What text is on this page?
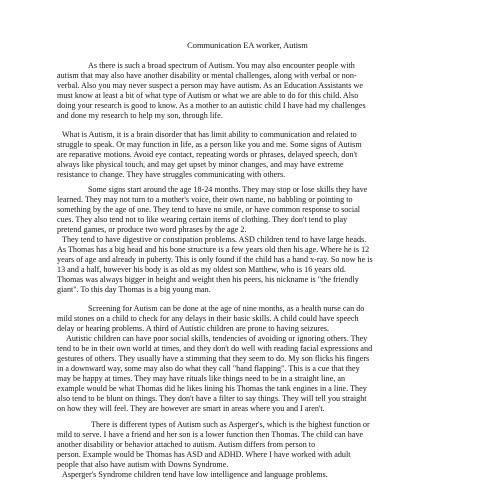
Communication EA worker, Autism
As there is such a broad spectrum of Autism. You may also encounter people with
autism that may also have another disability or mental challenges, along with verbal or non-
verbal. Also you may never suspect a person may have autism. As an Education Assistants we
must know at least a bit of what type of Autism or what we are able to do for this child. Also
doing your research is good to know. As a mother to an autistic child I have had my challenges
and done my research to help my son, through life.
What is Autism, it is a brain disorder that has limit ability to communication and related to
struggle to speak. Or may function in life, as a person like you and me. Some signs of Autism
are reparative motions. Avoid eye contact, repeating words or phrases, delayed speech, don't
always like physical touch, and may get upset by minor changes, and may have extreme
resistance to change. They have struggles communicating with others.
Some signs start around the age 18-24 months. They may stop or lose skills they have
learned. They may not turn to a mother's voice, their own name, no babbling or pointing to
something by the age of one. They tend to have no smile, or have common response to social
cues. They also tend not to like wearing certain items of clothing. They don't tend to play
pretend games, or produce two word phrases by the age 2.
They tend to have digestive or constipation problems. ASD children tend to have large heads.
As Thomas has a big head and his bone structure is a few years old then his age. Where he is 12
years of age and already in puberty. This is only found if the child has a hand x-ray. So now he is
13 and a half, however his body is as old as my oldest son Matthew, who is 16 years old.
Thomas was always bigger in height and weight then his peers, his nickname is "the friendly
giant". To this day Thomas is a big young man.
Screening for Autism can be done at the age of nine months, as a health nurse can do
mild stones on a child to check for any delays in their basic skills. A child could have speech
delay or hearing problems. A third of Autistic children are prone to having seizures.
Autistic children can have poor social skills, tendencies of avoiding or ignoring others. They
tend to be in their own world at times, and they don't do well with reading facial expressions and
gestures of others. They usually have a stimming that they seem to do. My son flicks his fingers
in a downward way, some may also do what they call "hand flapping". This is a cue that they
may be happy at times. They may have rituals like things need to be in a straight line, an
example would be what Thomas did he likes lining his Thomas the tank engines in a line. They
also tend to be blunt on things. They don't have a filter to say things. They will tell you straight
on how they will feel. They are however are smart in areas where you and I aren't.
There is different types of Autism such as Asperger's, which is the highest function or
mild to serve. I have a friend and her son is a lower function then Thomas. The child can have
another disability or behavior attached to autism. Autism differs from person to
person. Example would be Thomas has ASD and ADHD. Where I have worked with adult
people that also have autism with Downs Syndrome.
Asperger's Syndrome children tend have low intelligence and language problems.
